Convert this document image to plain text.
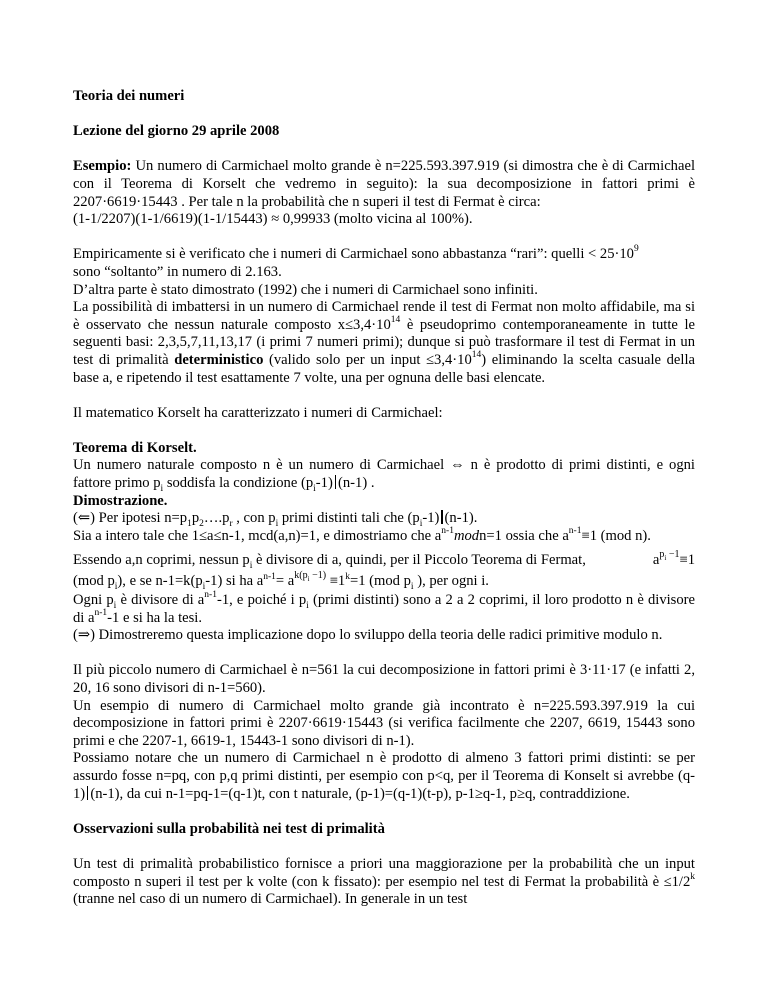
Teoria dei numeri
Lezione del giorno 29 aprile 2008

Esempio: Un numero di Carmichael molto grande è n=225.593.397.919 (si dimostra che è di Carmichael con il Teorema di Korselt che vedremo in seguito): la sua decomposizione in fattori primi è 2207·6619·15443 . Per tale n la probabilità che n superi il test di Fermat è circa:
(1-1/2207)(1-1/6619)(1-1/15443) ≈ 0,99933 (molto vicina al 100%).

Empiricamente si è verificato che i numeri di Carmichael sono abbastanza “rari”: quelli < $25\cdot 10^9$
sono “soltanto” in numero di 2.163.
D’altra parte è stato dimostrato (1992) che i numeri di Carmichael sono infiniti.
La possibilità di imbattersi in un numero di Carmichael rende il test di Fermat non molto affidabile, ma si è osservato che nessun naturale composto $x\le 3,4\cdot 10^{14}$ è pseudoprimo contemporaneamente in tutte le seguenti basi: 2,3,5,7,11,13,17 (i primi 7 numeri primi); dunque si può trasformare il test di Fermat in un test di primalità deterministico (valido solo per un input $\le 3,4\cdot 10^{14}$) eliminando la scelta casuale della base a, e ripetendo il test esattamente 7 volte, una per ognuna delle basi elencate.

Il matematico Korselt ha caratterizzato i numeri di Carmichael:

Teorema di Korselt.

Un numero naturale composto n è un numero di Carmichael ⇔ n è prodotto di primi distinti, e ogni fattore primo $p_i$ soddisfa la condizione $(p_i-1)$ (n-1) .

Dimostrazione.

(⇐) Per ipotesi $n=p_1p_2\dots.p_r$ , con $p_i$ primi distinti tali che $(p_i-1)$ (n-1).

Sia a intero tale che 1≤a≤n-1, mcd(a,n)=1, e dimostriamo che $a^{n-1}modn=1$ ossia che $a^{n-1}\equiv 1$ (mod n).

Essendo a,n coprimi, nessun $p_i$ è divisore di a, quindi, per il Piccolo Teorema di Fermat,	$a^{p_i -1}\equiv 1$

(mod $p_i$), e se $n-1=k(p_i-1)$ si ha $a^{n-1}= a^{k(p_i -1)} \equiv 1^k=1$ (mod $p_i$ ), per ogni i.

Ogni $p_i$ è divisore di $a^{n-1}-1$, e poiché i $p_i$ (primi distinti) sono a 2 a 2 coprimi, il loro prodotto n è divisore di $a^{n-1}-1$ e si ha la tesi.

(⇒) Dimostreremo questa implicazione dopo lo sviluppo della teoria delle radici primitive modulo n.

Il più piccolo numero di Carmichael è n=561 la cui decomposizione in fattori primi è 3·11·17 (e infatti 2, 20, 16 sono divisori di n-1=560).
Un esempio di numero di Carmichael molto grande già incontrato è n=225.593.397.919 la cui decomposizione in fattori primi è 2207·6619·15443 (si verifica facilmente che 2207, 6619, 15443 sono primi e che 2207-1, 6619-1, 15443-1 sono divisori di n-1).
Possiamo notare che un numero di Carmichael n è prodotto di almeno 3 fattori primi distinti: se per assurdo fosse n=pq, con p,q primi distinti, per esempio con p<q, per il Teorema di Konselt si avrebbe (q-1) (n-1), da cui n-1=pq-1=(q-1)t, con t naturale, (p-1)=(q-1)(t-p), p-1≥q-1, p≥q, contraddizione.

Osservazioni sulla probabilità nei test di primalità

Un test di primalità probabilistico fornisce a priori una maggiorazione per la probabilità che un input composto n superi il test per k volte (con k fissato): per esempio nel test di Fermat la probabilità è $\le 1/2^k$ (tranne nel caso di un numero di Carmichael). In generale in un test
